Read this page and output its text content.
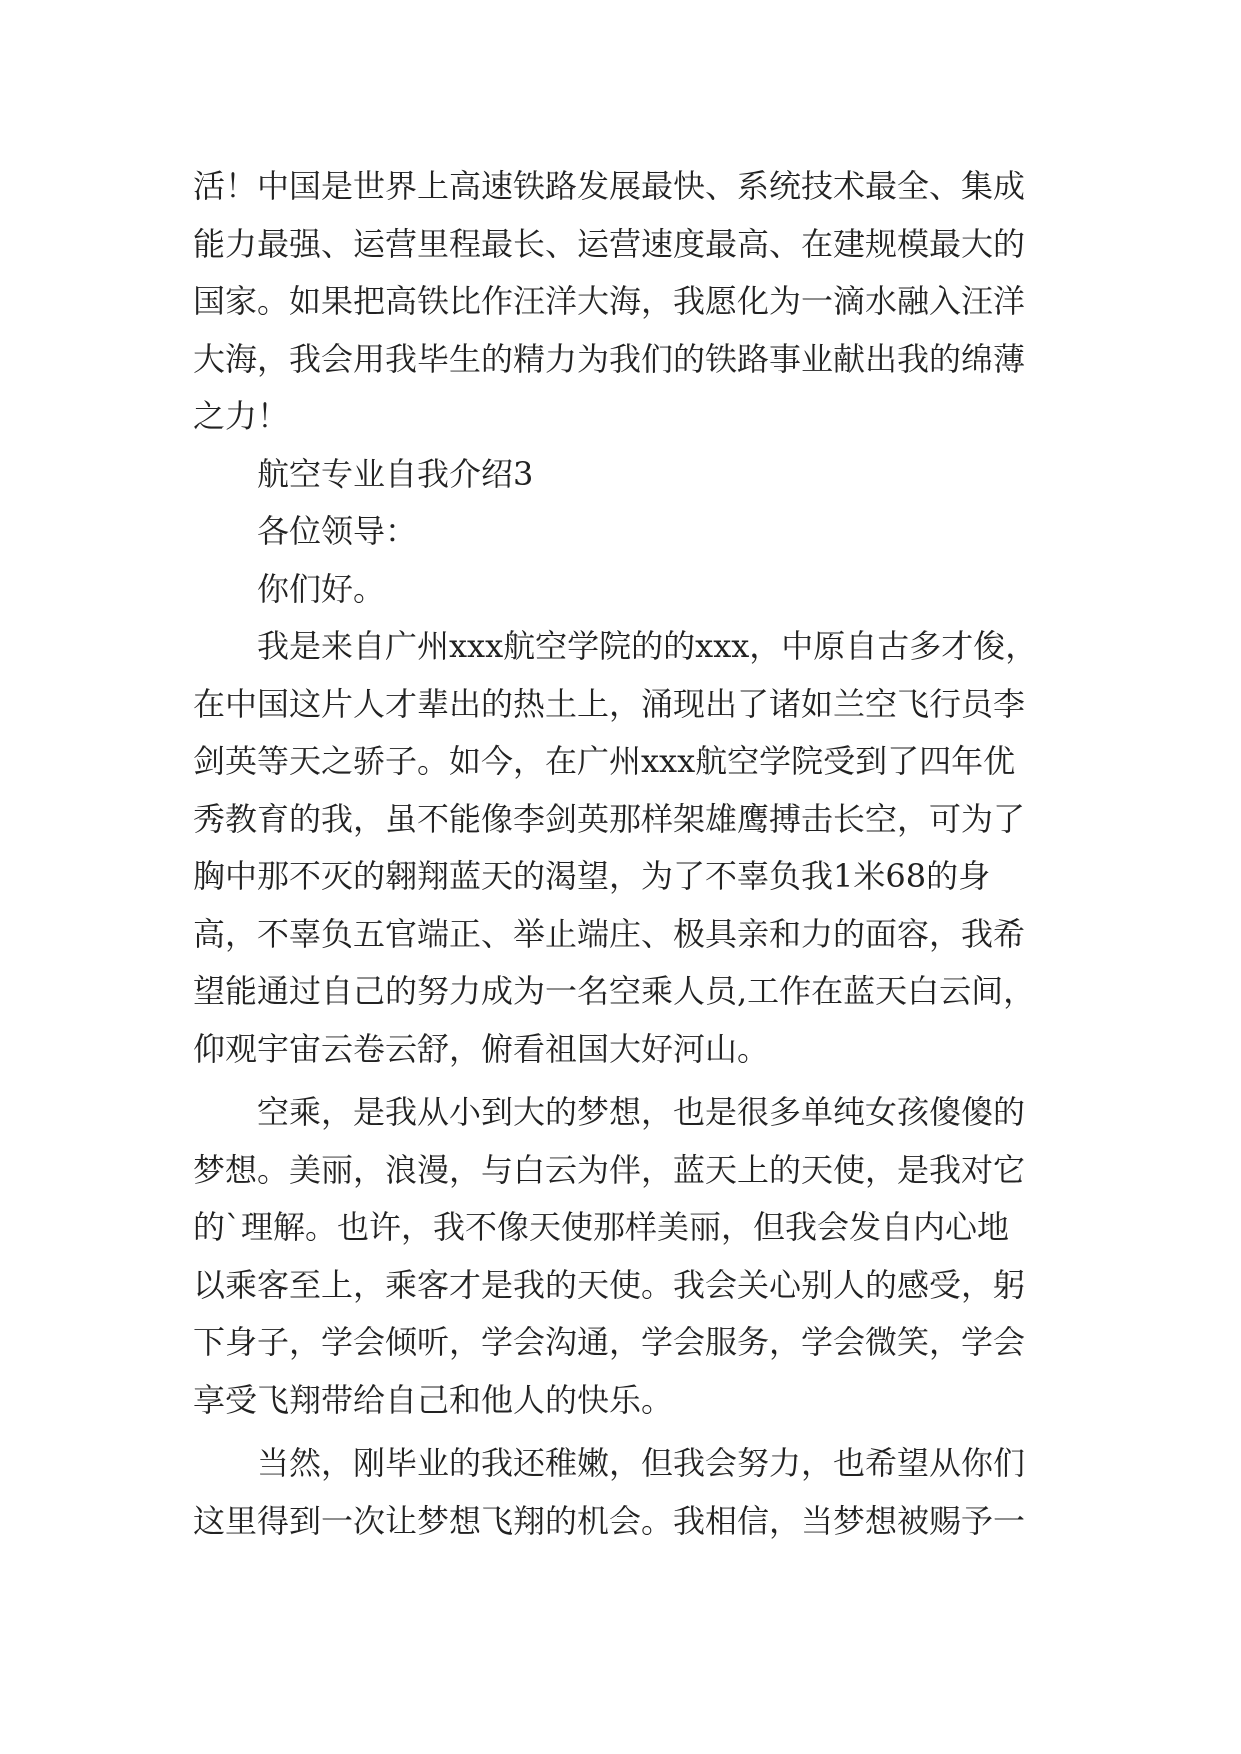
活！中国是世界上高速铁路发展最快、系统技术最全、集成
能力最强、运营里程最长、运营速度最高、在建规模最大的
国家。如果把高铁比作汪洋大海，我愿化为一滴水融入汪洋
大海，我会用我毕生的精力为我们的铁路事业献出我的绵薄
之力！
航空专业自我介绍3
各位领导：
你们好。
我是来自广州xxx航空学院的的xxx，中原自古多才俊，
在中国这片人才辈出的热土上，涌现出了诸如兰空飞行员李
剑英等天之骄子。如今，在广州xxx航空学院受到了四年优
秀教育的我，虽不能像李剑英那样架雄鹰搏击长空，可为了
胸中那不灭的翱翔蓝天的渴望，为了不辜负我1米68的身
高，不辜负五官端正、举止端庄、极具亲和力的面容，我希
望能通过自己的努力成为一名空乘人员,工作在蓝天白云间，
仰观宇宙云卷云舒，俯看祖国大好河山。
空乘，是我从小到大的梦想，也是很多单纯女孩傻傻的
梦想。美丽，浪漫，与白云为伴，蓝天上的天使，是我对它
的`理解。也许，我不像天使那样美丽，但我会发自内心地
以乘客至上，乘客才是我的天使。我会关心别人的感受，躬
下身子，学会倾听，学会沟通，学会服务，学会微笑，学会
享受飞翔带给自己和他人的快乐。
当然，刚毕业的我还稚嫩，但我会努力，也希望从你们
这里得到一次让梦想飞翔的机会。我相信，当梦想被赐予一
